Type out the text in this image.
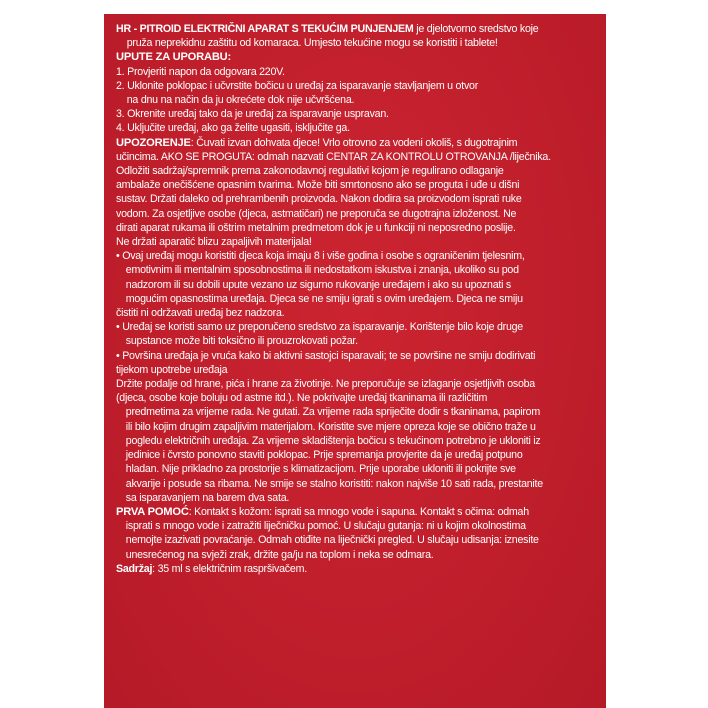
HR - PITROID ELEKTRIČNI APARAT S TEKUĆIM PUNJENJEM je djelotvorno sredstvo koje
pruža neprekidnu zaštitu od komaraca. Umjesto tekućine mogu se koristiti i tablete!
UPUTE ZA UPORABU:
1. Provjeriti napon da odgovara 220V.
2. Uklonite poklopac i učvrstite bočicu u uređaj za isparavanje stavljanjem u otvor
na dnu na način da ju okrećete dok nije učvršćena.
3. Okrenite uređaj tako da je uređaj za isparavanje uspravan.
4. Uključite uređaj, ako ga želite ugasiti, isključite ga.
UPOZORENJE: Čuvati izvan dohvata djece! Vrlo otrovno za vodeni okoliš, s dugotrajnim
učincima. AKO SE PROGUTA: odmah nazvati CENTAR ZA KONTROLU OTROVANJA /liječnika.
Odložiti sadržaj/spremnik prema zakonodavnoj regulativi kojom je regulirano odlaganje
ambalaže onečišćene opasnim tvarima. Može biti smrtonosno ako se proguta i uđe u dišni
sustav. Držati daleko od prehrambenih proizvoda. Nakon dodira sa proizvodom isprati ruke
vodom. Za osjetljive osobe (djeca, astmatičari) ne preporuča se dugotrajna izloženost. Ne
dirati aparat rukama ili oštrim metalnim predmetom dok je u funkciji ni neposredno poslije.
Ne držati aparatić blizu zapaljivih materijala!
• Ovaj uređaj mogu koristiti djeca koja imaju 8 i više godina i osobe s ograničenim tjelesnim,
emotivnim ili mentalnim sposobnostima ili nedostatkom iskustva i znanja, ukoliko su pod
nadzorom ili su dobili upute vezano uz sigurno rukovanje uređajem i ako su upoznati s
mogućim opasnostima uređaja. Djeca se ne smiju igrati s ovim uređajem. Djeca ne smiju
čistiti ni održavati uređaj bez nadzora.
• Uređaj se koristi samo uz preporučeno sredstvo za isparavanje. Korištenje bilo koje druge
supstance može biti toksično ili prouzrokovati požar.
• Površina uređaja je vruća kako bi aktivni sastojci isparavali; te se površine ne smiju dodirivati
tijekom upotrebe uređaja
Držite podalje od hrane, pića i hrane za životinje. Ne preporučuje se izlaganje osjetljivih osoba
(djeca, osobe koje boluju od astme itd.). Ne pokrivajte uređaj tkaninama ili različitim
predmetima za vrijeme rada. Ne gutati. Za vrijeme rada spriječite dodir s tkaninama, papirom
ili bilo kojim drugim zapaljivim materijalom. Koristite sve mjere opreza koje se obično traže u
pogledu električnih uređaja. Za vrijeme skladištenja bočicu s tekućinom potrebno je ukloniti iz
jedinice i čvrsto ponovno staviti poklopac. Prije spremanja provjerite da je uređaj potpuno
hladan. Nije prikladno za prostorije s klimatizacijom. Prije uporabe ukloniti ili pokrijte sve
akvarije i posude sa ribama. Ne smije se stalno koristiti: nakon najviše 10 sati rada, prestanite
sa isparavanjem na barem dva sata.
PRVA POMOĆ: Kontakt s kožom: isprati sa mnogo vode i sapuna. Kontakt s očima: odmah
isprati s mnogo vode i zatražiti liječničku pomoć. U slučaju gutanja: ni u kojim okolnostima
nemojte izazivati povraćanje. Odmah otiđite na liječnički pregled. U slučaju udisanja: iznesite
unesrećenog na svježi zrak, držite ga/ju na toplom i neka se odmara.
Sadržaj: 35 ml s električnim raspršivačem.
